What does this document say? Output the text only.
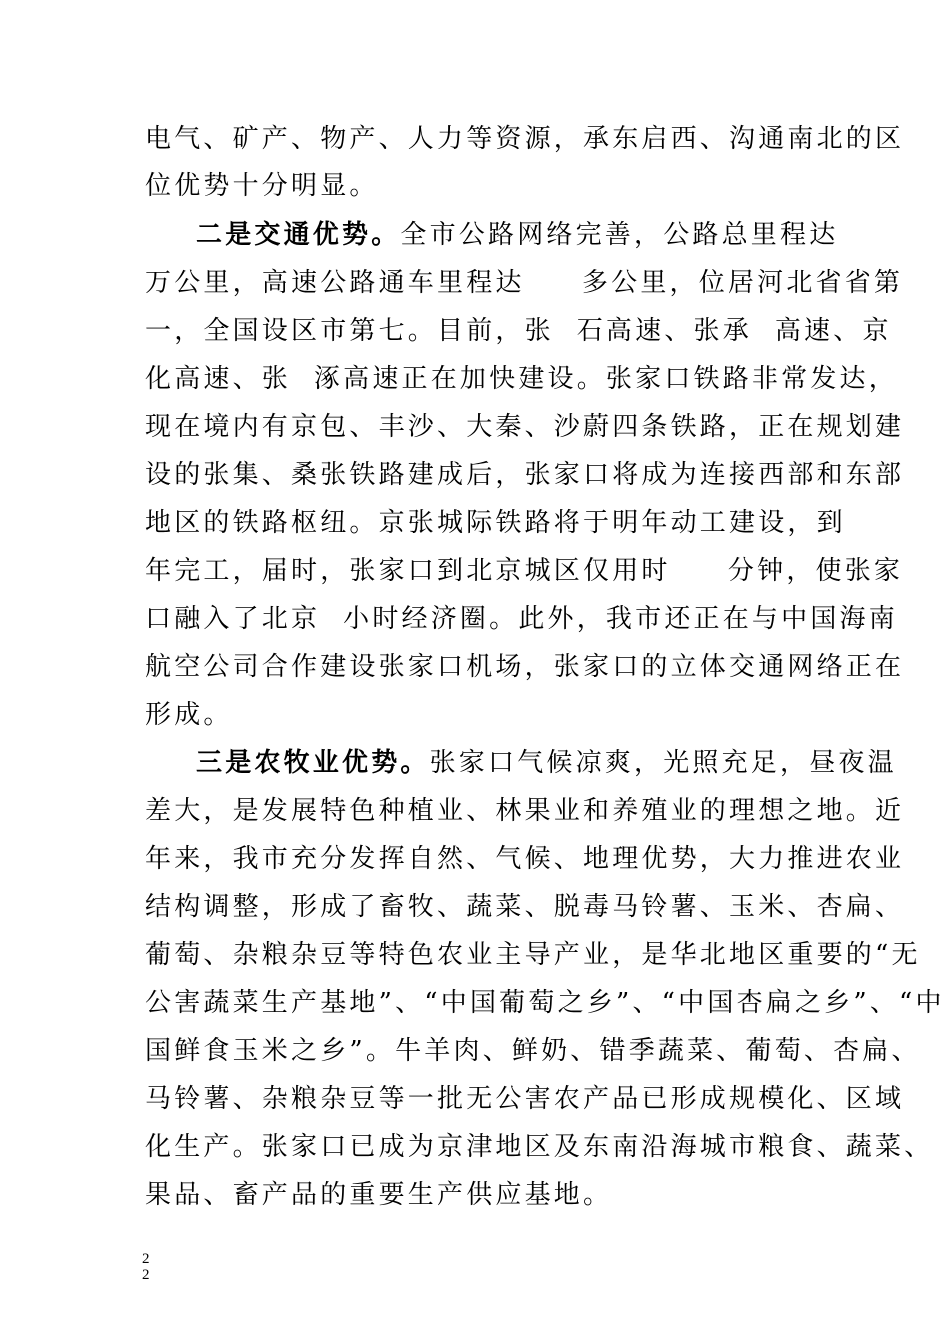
电气、矿产、物产、人力等资源，承东启西、沟通南北的区
位优势十分明显。
二是交通优势。全市公路网络完善，公路总里程达
万公里，高速公路通车里程达     多公里，位居河北省省第
一，全国设区市第七。目前，张  石高速、张承  高速、京
化高速、张  涿高速正在加快建设。张家口铁路非常发达，
现在境内有京包、丰沙、大秦、沙蔚四条铁路，正在规划建
设的张集、桑张铁路建成后，张家口将成为连接西部和东部
地区的铁路枢纽。京张城际铁路将于明年动工建设，到
年完工，届时，张家口到北京城区仅用时     分钟，使张家
口融入了北京  小时经济圈。此外，我市还正在与中国海南
航空公司合作建设张家口机场，张家口的立体交通网络正在
形成。
三是农牧业优势。张家口气候凉爽，光照充足，昼夜温
差大，是发展特色种植业、林果业和养殖业的理想之地。近
年来，我市充分发挥自然、气候、地理优势，大力推进农业
结构调整，形成了畜牧、蔬菜、脱毒马铃薯、玉米、杏扁、
葡萄、杂粮杂豆等特色农业主导产业，是华北地区重要的“无
公害蔬菜生产基地”、“中国葡萄之乡”、“中国杏扁之乡”、“中
国鲜食玉米之乡”。牛羊肉、鲜奶、错季蔬菜、葡萄、杏扁、
马铃薯、杂粮杂豆等一批无公害农产品已形成规模化、区域
化生产。张家口已成为京津地区及东南沿海城市粮食、蔬菜、
果品、畜产品的重要生产供应基地。
2
2
